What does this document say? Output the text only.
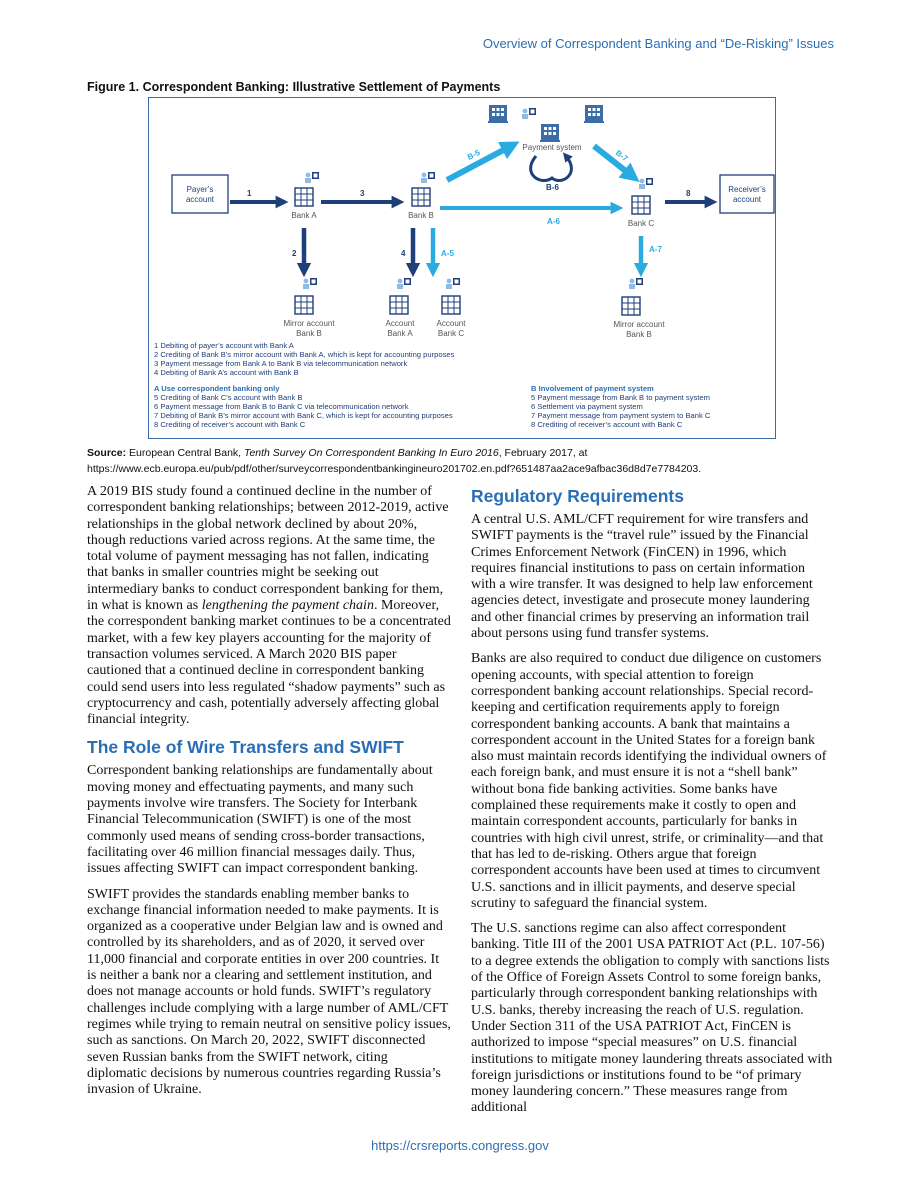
Overview of Correspondent Banking and “De-Risking” Issues
Figure 1. Correspondent Banking: Illustrative Settlement of Payments
Payment system
Payer’s
account
Receiver’s
account
Bank A	Bank B
Bank C
1	3	8
A-6
B-5	B-7
B-6
2	4	A-5	A-7
Mirror account
Bank B
Account
Bank A
Account
Bank C
Mirror account
Bank B
1 Debiting of payer’s account with Bank A
2 Crediting of Bank B’s mirror account with Bank A, which is kept for accounting purposes
3 Payment message from Bank A to Bank B via telecommunication network
4 Debiting of Bank A’s account with Bank B
A Use correspondent banking only
5 Crediting of Bank C’s account with Bank B
6 Payment message from Bank B to Bank C via telecommunication network
7 Debiting of Bank B’s mirror account with Bank C, which is kept for accounting purposes
8 Crediting of receiver’s account with Bank C
B Involvement of payment system
5 Payment message from Bank B to payment system
6 Settlement via payment system
7 Payment message from payment system to Bank C
8 Crediting of receiver’s account with Bank C
Source: European Central Bank, Tenth Survey On Correspondent Banking In Euro 2016, February 2017, at https://www.ecb.europa.eu/pub/pdf/other/surveycorrespondentbankingineuro201702.en.pdf?651487aa2ace9afbac36d8d7e7784203.

A 2019 BIS study found a continued decline in the number of correspondent banking relationships; between 2012-2019, active relationships in the global network declined by about 20%, though reductions varied across regions. At the same time, the total volume of payment messaging has not fallen, indicating that banks in smaller countries might be seeking out intermediary banks to conduct correspondent banking for them, in what is known as lengthening the payment chain. Moreover, the correspondent banking market continues to be a concentrated market, with a few key players accounting for the majority of transaction volumes serviced. A March 2020 BIS paper cautioned that a continued decline in correspondent banking could send users into less regulated “shadow payments” such as cryptocurrency and cash, potentially adversely affecting global financial integrity.

The Role of Wire Transfers and SWIFT

Correspondent banking relationships are fundamentally about moving money and effectuating payments, and many such payments involve wire transfers. The Society for Interbank Financial Telecommunication (SWIFT) is one of the most commonly used means of sending cross-border transactions, facilitating over 46 million financial messages daily. Thus, issues affecting SWIFT can impact correspondent banking.

SWIFT provides the standards enabling member banks to exchange financial information needed to make payments. It is organized as a cooperative under Belgian law and is owned and controlled by its shareholders, and as of 2020, it served over 11,000 financial and corporate entities in over 200 countries. It is neither a bank nor a clearing and settlement institution, and does not manage accounts or hold funds. SWIFT’s regulatory challenges include complying with a large number of AML/CFT regimes while trying to remain neutral on sensitive policy issues, such as sanctions. On March 20, 2022, SWIFT disconnected seven Russian banks from the SWIFT network, citing diplomatic decisions by numerous countries regarding Russia’s invasion of Ukraine.

Regulatory Requirements

A central U.S. AML/CFT requirement for wire transfers and SWIFT payments is the “travel rule” issued by the Financial Crimes Enforcement Network (FinCEN) in 1996, which requires financial institutions to pass on certain information with a wire transfer. It was designed to help law enforcement agencies detect, investigate and prosecute money laundering and other financial crimes by preserving an information trail about persons using fund transfer systems.

Banks are also required to conduct due diligence on customers opening accounts, with special attention to foreign correspondent banking account relationships. Special record-keeping and certification requirements apply to foreign correspondent banking accounts. A bank that maintains a correspondent account in the United States for a foreign bank also must maintain records identifying the individual owners of each foreign bank, and must ensure it is not a “shell bank” without bona fide banking activities. Some banks have complained these requirements make it costly to open and maintain correspondent accounts, particularly for banks in countries with high civil unrest, strife, or criminality—and that that has led to de-risking. Others argue that foreign correspondent accounts have been used at times to circumvent U.S. sanctions and in illicit payments, and deserve special scrutiny to safeguard the financial system.

The U.S. sanctions regime can also affect correspondent banking. Title III of the 2001 USA PATRIOT Act (P.L. 107-56) to a degree extends the obligation to comply with sanctions lists of the Office of Foreign Assets Control to some foreign banks, particularly through correspondent banking relationships with U.S. banks, thereby increasing the reach of U.S. regulation. Under Section 311 of the USA PATRIOT Act, FinCEN is authorized to impose “special measures” on U.S. financial institutions to mitigate money laundering threats associated with foreign jurisdictions or institutions found to be “of primary money laundering concern.” These measures range from additional

https://crsreports.congress.gov
